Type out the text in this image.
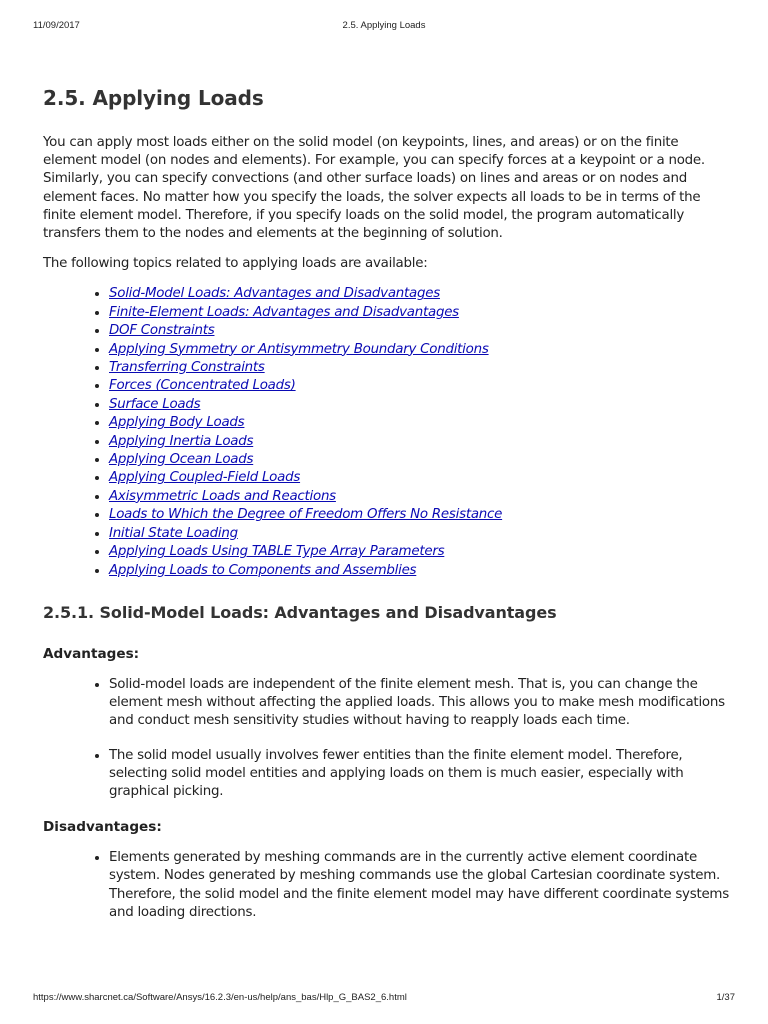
11/09/2017	2.5. Applying Loads
2.5. Applying Loads

You can apply most loads either on the solid model (on keypoints, lines, and areas) or on the finite element model (on nodes and elements). For example, you can specify forces at a keypoint or a node. Similarly, you can specify convections (and other surface loads) on lines and areas or on nodes and element faces. No matter how you specify the loads, the solver expects all loads to be in terms of the finite element model. Therefore, if you specify loads on the solid model, the program automatically transfers them to the nodes and elements at the beginning of solution.

The following topics related to applying loads are available:

• Solid-Model Loads: Advantages and Disadvantages
• Finite-Element Loads: Advantages and Disadvantages
• DOF Constraints
• Applying Symmetry or Antisymmetry Boundary Conditions
• Transferring Constraints
• Forces (Concentrated Loads)
• Surface Loads
• Applying Body Loads
• Applying Inertia Loads
• Applying Ocean Loads
• Applying Coupled-Field Loads
• Axisymmetric Loads and Reactions
• Loads to Which the Degree of Freedom Offers No Resistance
• Initial State Loading
• Applying Loads Using TABLE Type Array Parameters
• Applying Loads to Components and Assemblies
2.5.1. Solid-Model Loads: Advantages and Disadvantages
Advantages:
• Solid-model loads are independent of the finite element mesh. That is, you can change the element mesh without affecting the applied loads. This allows you to make mesh modifications and conduct mesh sensitivity studies without having to reapply loads each time.
• The solid model usually involves fewer entities than the finite element model. Therefore, selecting solid model entities and applying loads on them is much easier, especially with graphical picking.
Disadvantages:
• Elements generated by meshing commands are in the currently active element coordinate system. Nodes generated by meshing commands use the global Cartesian coordinate system. Therefore, the solid model and the finite element model may have different coordinate systems and loading directions.
https://www.sharcnet.ca/Software/Ansys/16.2.3/en-us/help/ans_bas/Hlp_G_BAS2_6.html	1/37
